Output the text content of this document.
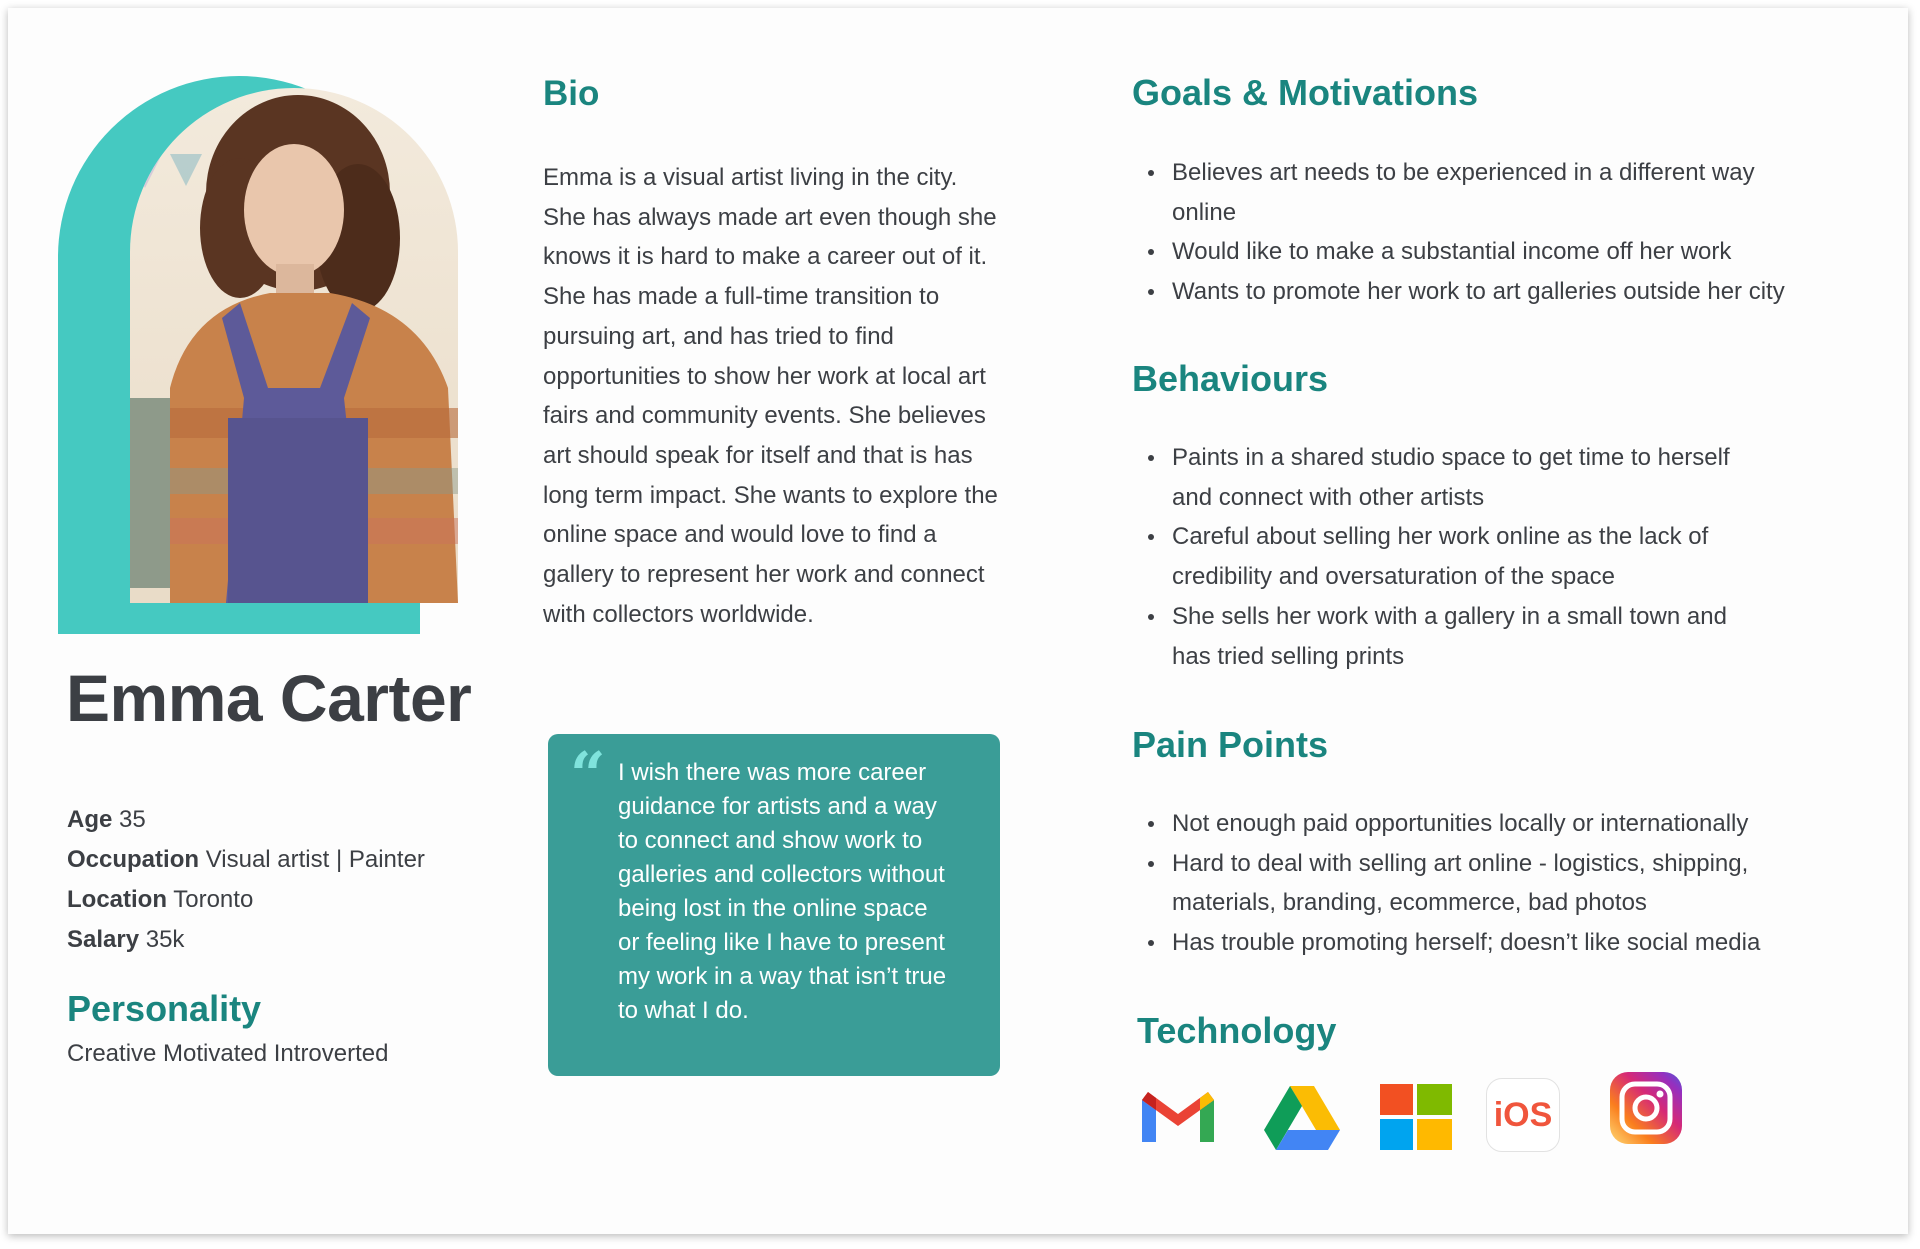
Emma Carter
Age 35
Occupation Visual artist | Painter
Location Toronto
Salary 35k
Personality
Creative Motivated Introverted
Bio

Emma is a visual artist living in the city.
She has always made art even though she
knows it is hard to make a career out of it.
She has made a full-time transition to
pursuing art, and has tried to find
opportunities to show her work at local art
fairs and community events. She believes
art should speak for itself and that is has
long term impact. She wants to explore the
online space and would love to find a
gallery to represent her work and connect
with collectors worldwide.

“ I wish there was more career
guidance for artists and a way
to connect and show work to
galleries and collectors without
being lost in the online space
or feeling like I have to present
my work in a way that isn’t true
to what I do.

Goals & Motivations
Believes art needs to be experienced in a different way
online
Would like to make a substantial income off her work
Wants to promote her work to art galleries outside her city
Behaviours
Paints in a shared studio space to get time to herself
and connect with other artists
Careful about selling her work online as the lack of
credibility and oversaturation of the space
She sells her work with a gallery in a small town and
has tried selling prints
Pain Points
Not enough paid opportunities locally or internationally
Hard to deal with selling art online - logistics, shipping,
materials, branding, ecommerce, bad photos
Has trouble promoting herself; doesn’t like social media
Technology
iOS
